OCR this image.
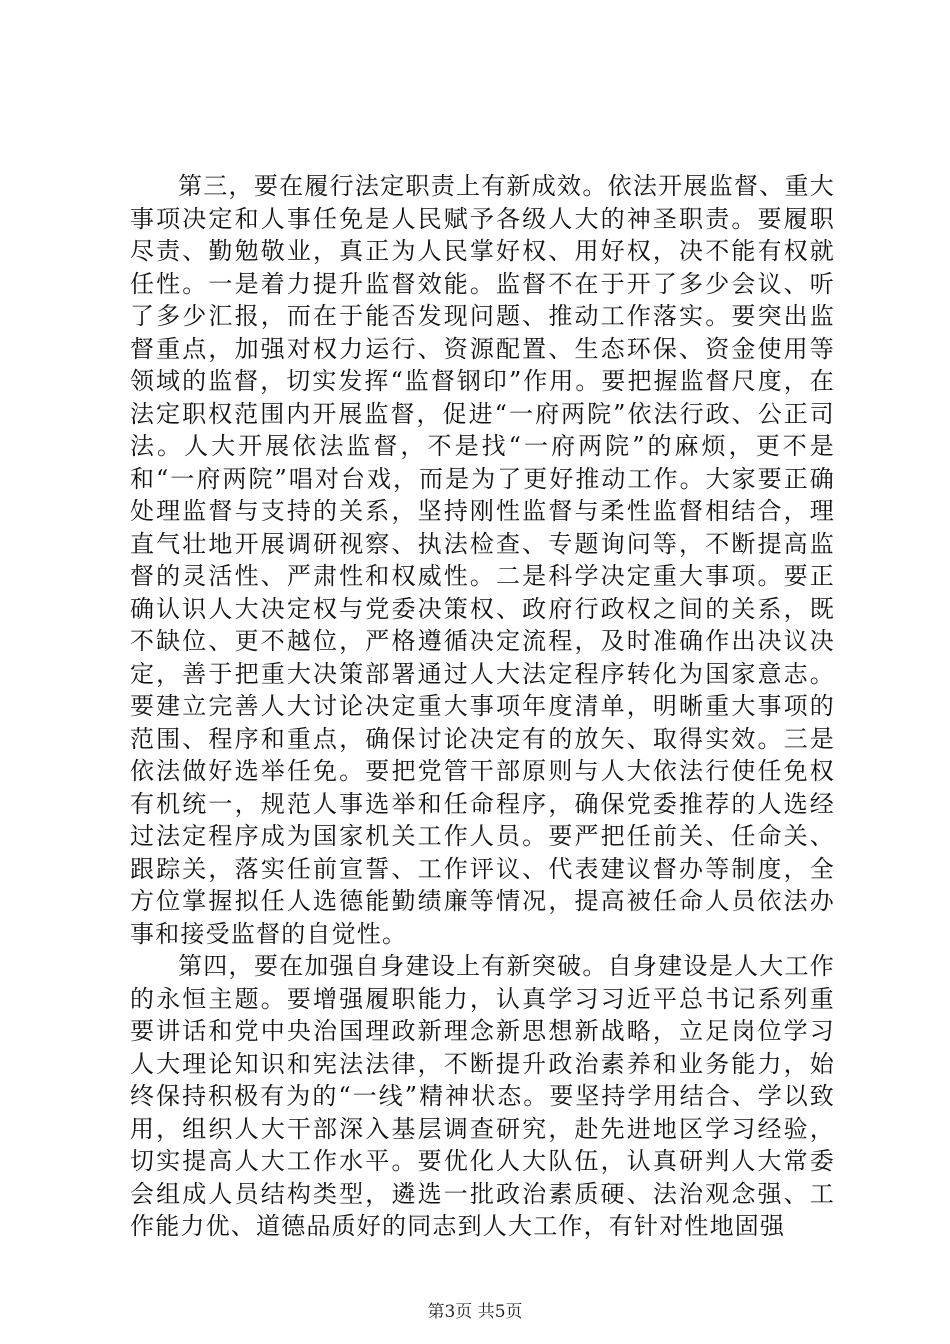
第三，要在履行法定职责上有新成效。依法开展监督、重大事项决定和人事任免是人民赋予各级人大的神圣职责。要履职尽责、勤勉敬业，真正为人民掌好权、用好权，决不能有权就任性。一是着力提升监督效能。监督不在于开了多少会议、听了多少汇报，而在于能否发现问题、推动工作落实。要突出监督重点，加强对权力运行、资源配置、生态环保、资金使用等领域的监督，切实发挥“监督钢印”作用。要把握监督尺度，在法定职权范围内开展监督，促进“一府两院”依法行政、公正司法。人大开展依法监督，不是找“一府两院”的麻烦，更不是和“一府两院”唱对台戏，而是为了更好推动工作。大家要正确处理监督与支持的关系，坚持刚性监督与柔性监督相结合，理直气壮地开展调研视察、执法检查、专题询问等，不断提高监督的灵活性、严肃性和权威性。二是科学决定重大事项。要正确认识人大决定权与党委决策权、政府行政权之间的关系，既不缺位、更不越位，严格遵循决定流程，及时准确作出决议决定，善于把重大决策部署通过人大法定程序转化为国家意志。要建立完善人大讨论决定重大事项年度清单，明晰重大事项的范围、程序和重点，确保讨论决定有的放矢、取得实效。三是依法做好选举任免。要把党管干部原则与人大依法行使任免权有机统一，规范人事选举和任命程序，确保党委推荐的人选经过法定程序成为国家机关工作人员。要严把任前关、任命关、跟踪关，落实任前宣誓、工作评议、代表建议督办等制度，全方位掌握拟任人选德能勤绩廉等情况，提高被任命人员依法办事和接受监督的自觉性。

第四，要在加强自身建设上有新突破。自身建设是人大工作的永恒主题。要增强履职能力，认真学习习近平总书记系列重要讲话和党中央治国理政新理念新思想新战略，立足岗位学习人大理论知识和宪法法律，不断提升政治素养和业务能力，始终保持积极有为的“一线”精神状态。要坚持学用结合、学以致用，组织人大干部深入基层调查研究，赴先进地区学习经验，切实提高人大工作水平。要优化人大队伍，认真研判人大常委会组成人员结构类型，遴选一批政治素质硬、法治观念强、工作能力优、道德品质好的同志到人大工作，有针对性地固强

第3页 共5页
